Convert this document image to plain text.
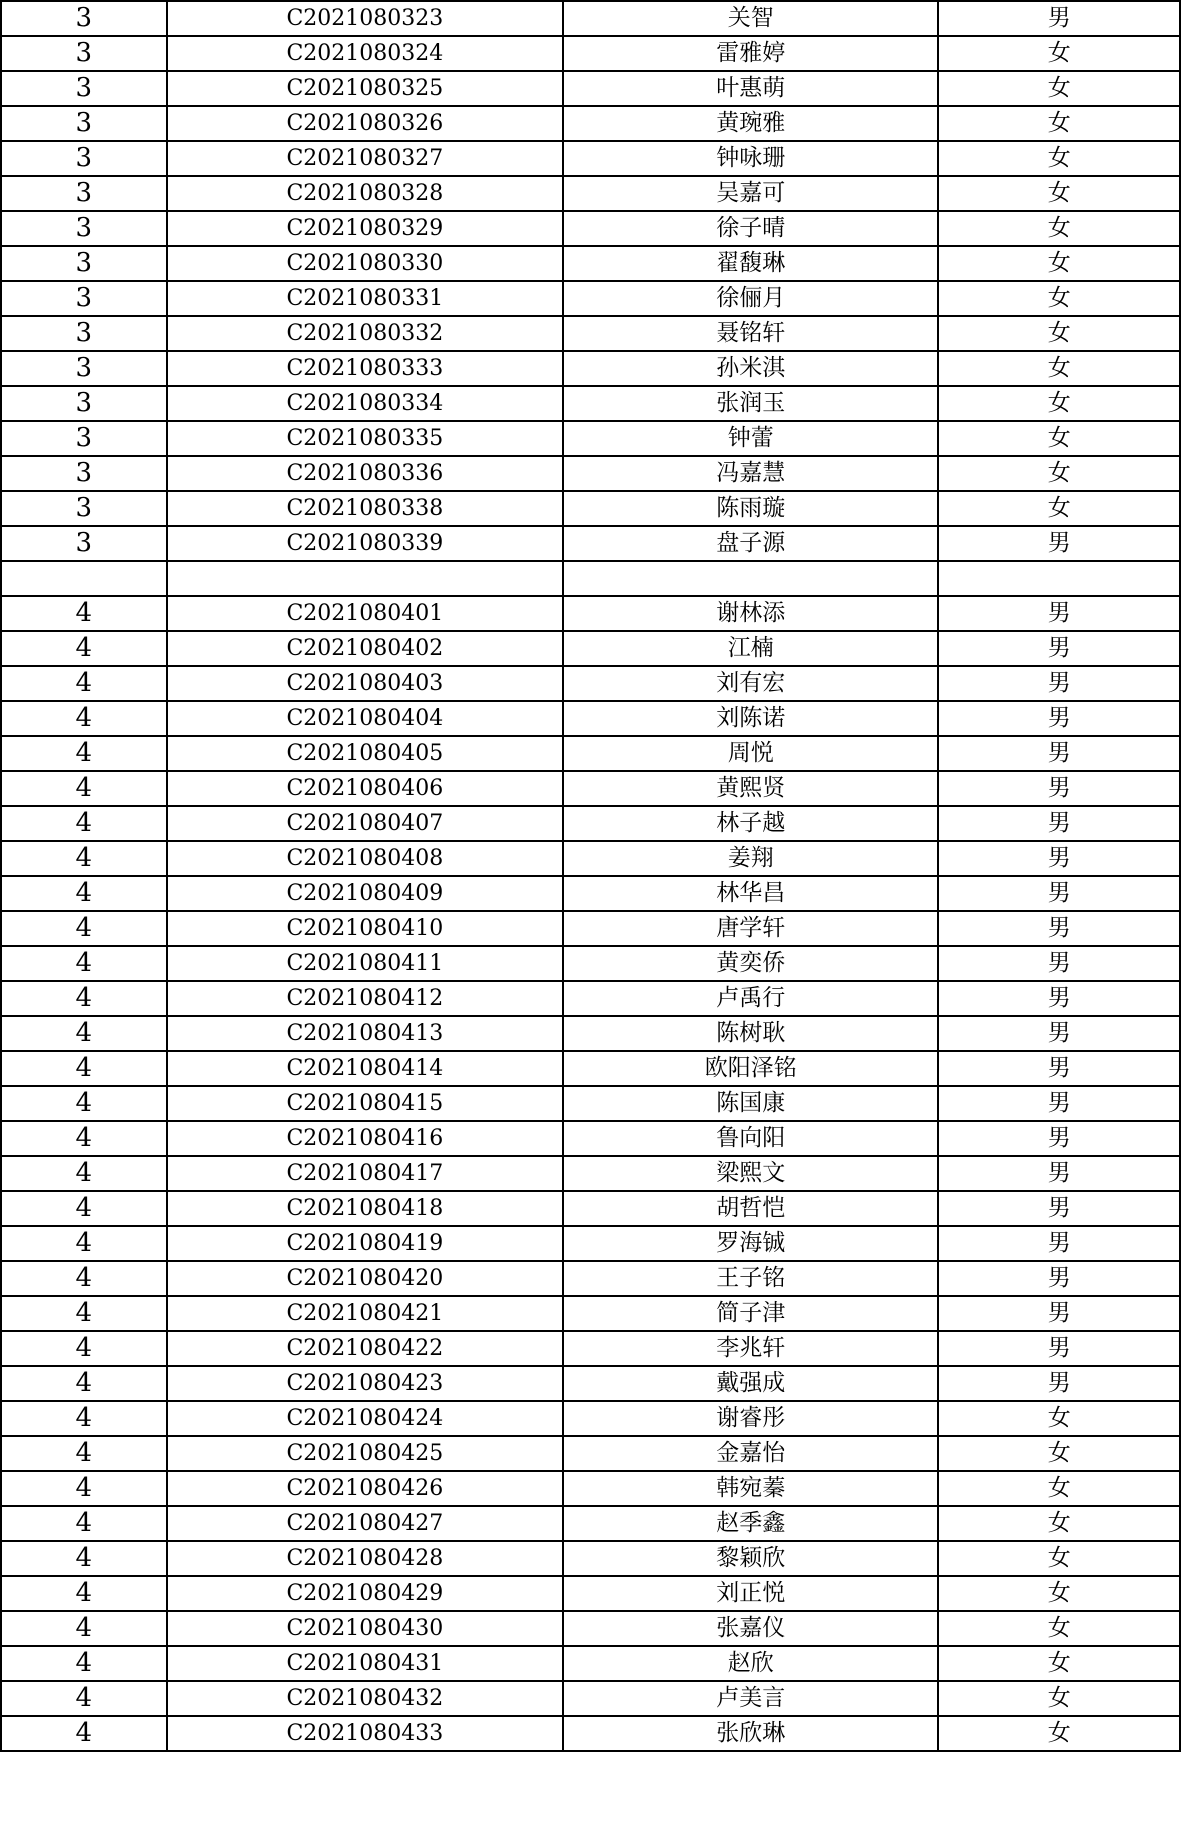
3	C2021080323	关智	男
3	C2021080324	雷雅婷	女
3	C2021080325	叶惠萌	女
3	C2021080326	黄琬雅	女
3	C2021080327	钟咏珊	女
3	C2021080328	吴嘉可	女
3	C2021080329	徐子晴	女
3	C2021080330	翟馥琳	女
3	C2021080331	徐俪月	女
3	C2021080332	聂铭轩	女
3	C2021080333	孙米淇	女
3	C2021080334	张润玉	女
3	C2021080335	钟蕾	女
3	C2021080336	冯嘉慧	女
3	C2021080338	陈雨璇	女
3	C2021080339	盘子源	男

4	C2021080401	谢林添	男
4	C2021080402	江楠	男
4	C2021080403	刘有宏	男
4	C2021080404	刘陈诺	男
4	C2021080405	周悦	男
4	C2021080406	黄熙贤	男
4	C2021080407	林子越	男
4	C2021080408	姜翔	男
4	C2021080409	林华昌	男
4	C2021080410	唐学轩	男
4	C2021080411	黄奕侨	男
4	C2021080412	卢禹行	男
4	C2021080413	陈树耿	男
4	C2021080414	欧阳泽铭	男
4	C2021080415	陈国康	男
4	C2021080416	鲁向阳	男
4	C2021080417	梁熙文	男
4	C2021080418	胡哲恺	男
4	C2021080419	罗海铖	男
4	C2021080420	王子铭	男
4	C2021080421	简子津	男
4	C2021080422	李兆轩	男
4	C2021080423	戴强成	男
4	C2021080424	谢睿彤	女
4	C2021080425	金嘉怡	女
4	C2021080426	韩宛蓁	女
4	C2021080427	赵季鑫	女
4	C2021080428	黎颖欣	女
4	C2021080429	刘正悦	女
4	C2021080430	张嘉仪	女
4	C2021080431	赵欣	女
4	C2021080432	卢美言	女
4	C2021080433	张欣琳	女
